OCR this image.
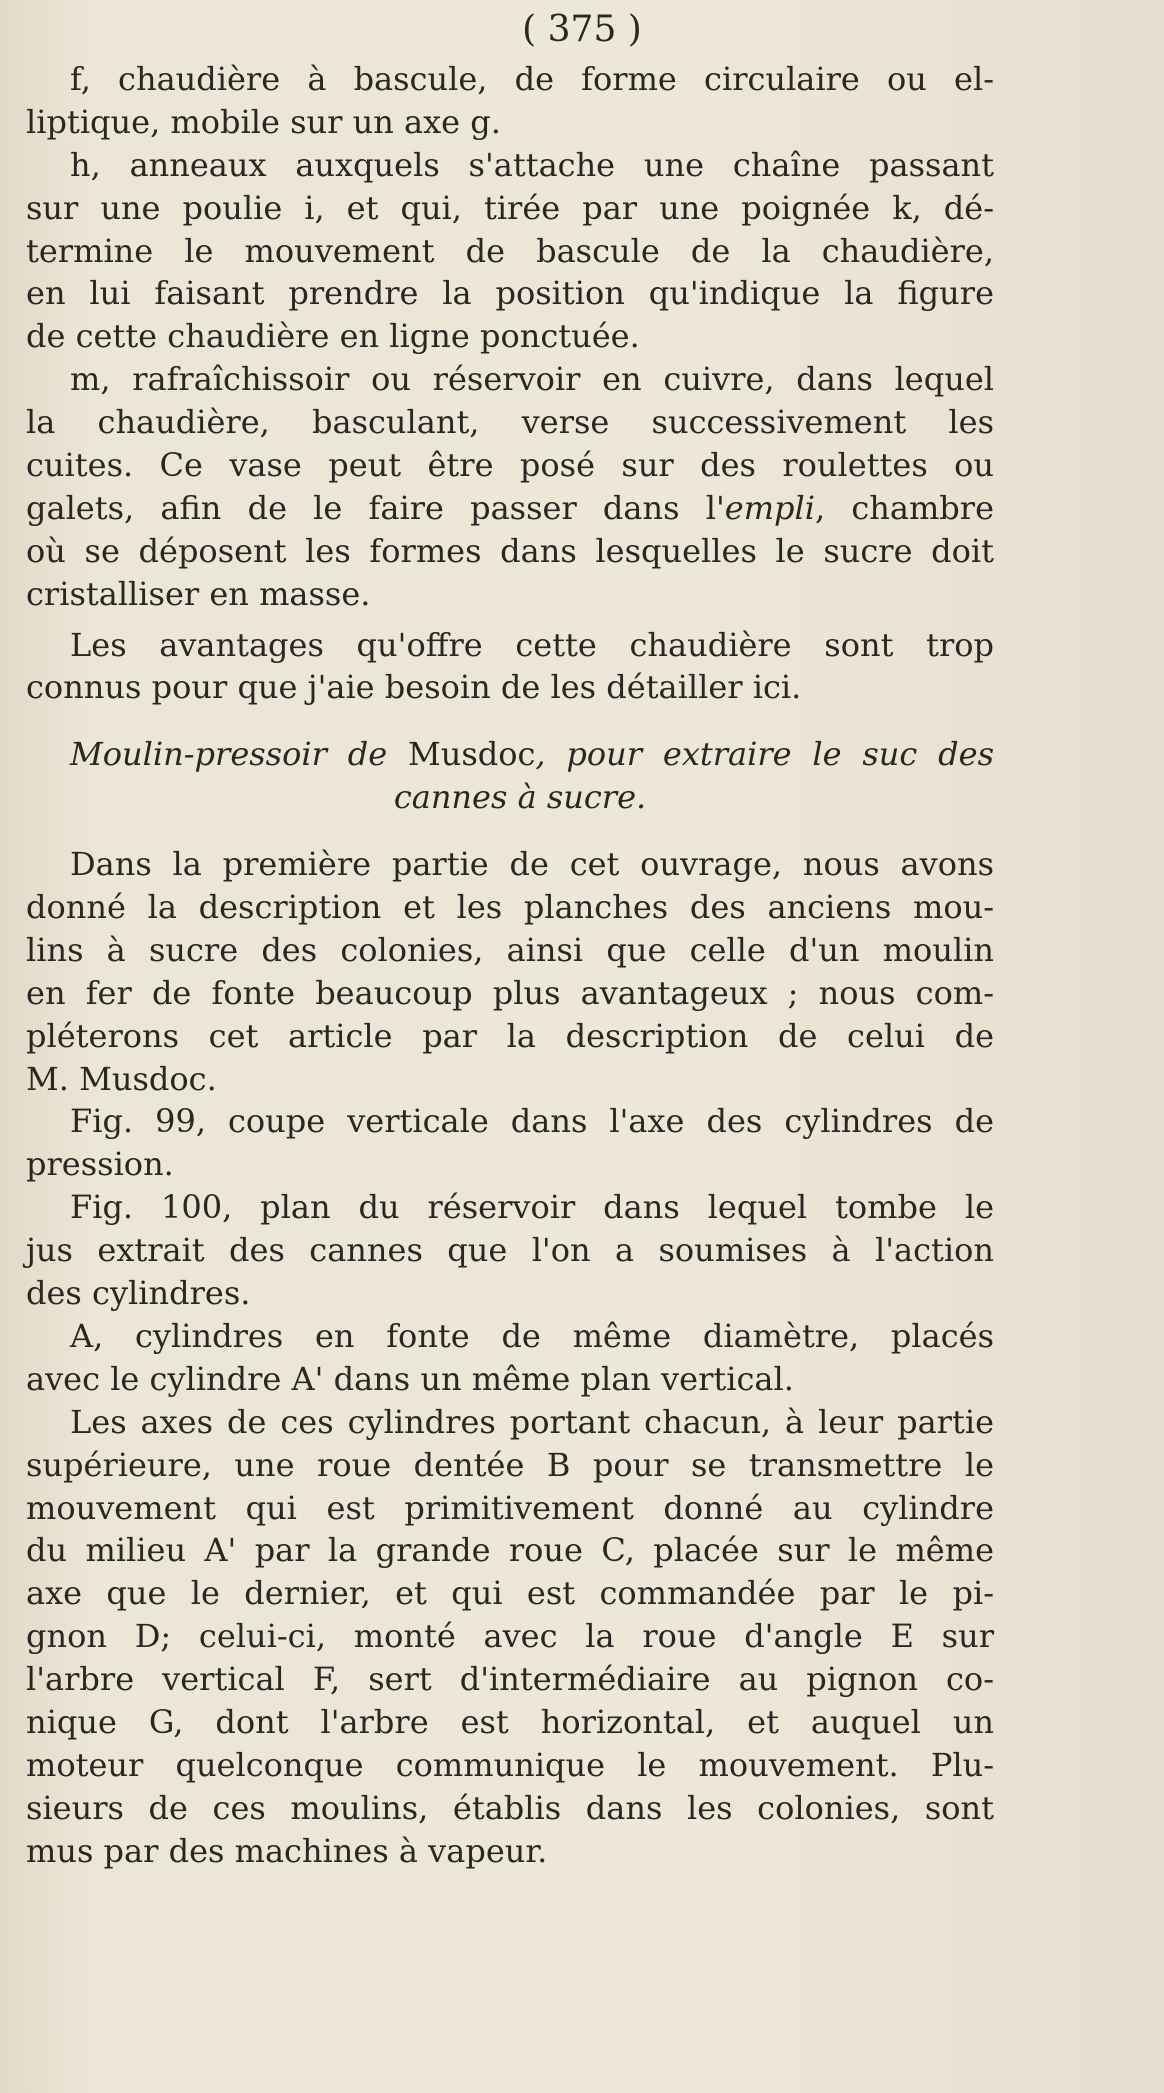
( 375 )
f, chaudière à bascule, de forme circulaire ou el-
liptique, mobile sur un axe g.
h, anneaux auxquels s'attache une chaîne passant
sur une poulie i, et qui, tirée par une poignée k, dé-
termine le mouvement de bascule de la chaudière,
en lui faisant prendre la position qu'indique la figure
de cette chaudière en ligne ponctuée.
m, rafraîchissoir ou réservoir en cuivre, dans lequel
la chaudière, basculant, verse successivement les
cuites. Ce vase peut être posé sur des roulettes ou
galets, afin de le faire passer dans l'empli, chambre
où se déposent les formes dans lesquelles le sucre doit
cristalliser en masse.
Les avantages qu'offre cette chaudière sont trop
connus pour que j'aie besoin de les détailler ici.
Moulin-pressoir de Musdoc, pour extraire le suc des
cannes à sucre.
Dans la première partie de cet ouvrage, nous avons
donné la description et les planches des anciens mou-
lins à sucre des colonies, ainsi que celle d'un moulin
en fer de fonte beaucoup plus avantageux ; nous com-
pléterons cet article par la description de celui de
M. Musdoc.
Fig. 99, coupe verticale dans l'axe des cylindres de
pression.
Fig. 100, plan du réservoir dans lequel tombe le
jus extrait des cannes que l'on a soumises à l'action
des cylindres.
A, cylindres en fonte de même diamètre, placés
avec le cylindre A' dans un même plan vertical.
Les axes de ces cylindres portant chacun, à leur partie
supérieure, une roue dentée B pour se transmettre le
mouvement qui est primitivement donné au cylindre
du milieu A' par la grande roue C, placée sur le même
axe que le dernier, et qui est commandée par le pi-
gnon D; celui-ci, monté avec la roue d'angle E sur
l'arbre vertical F, sert d'intermédiaire au pignon co-
nique G, dont l'arbre est horizontal, et auquel un
moteur quelconque communique le mouvement. Plu-
sieurs de ces moulins, établis dans les colonies, sont
mus par des machines à vapeur.
